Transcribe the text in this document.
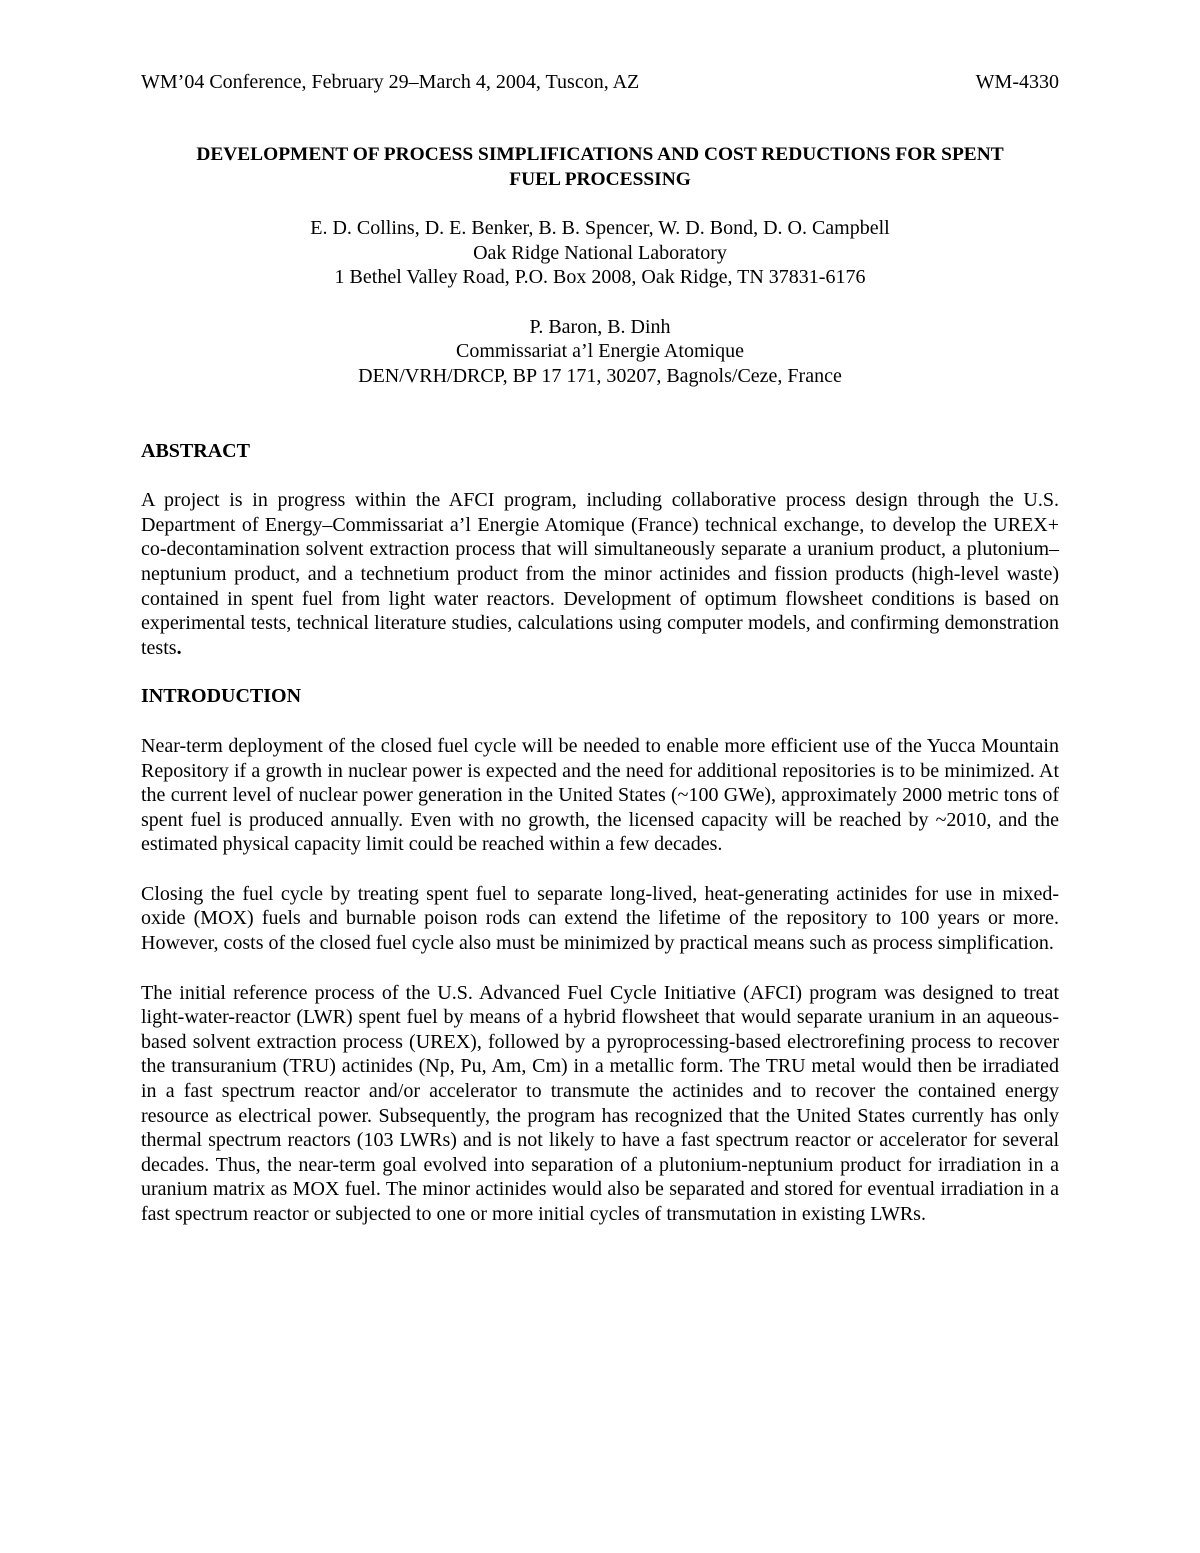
WM’04 Conference, February 29–March 4, 2004, Tuscon, AZ	WM-4330
DEVELOPMENT OF PROCESS SIMPLIFICATIONS AND COST REDUCTIONS FOR SPENT
FUEL PROCESSING
E. D. Collins, D. E. Benker, B. B. Spencer, W. D. Bond, D. O. Campbell
Oak Ridge National Laboratory
1 Bethel Valley Road, P.O. Box 2008, Oak Ridge, TN 37831-6176
P. Baron, B. Dinh
Commissariat a’l Energie Atomique
DEN/VRH/DRCP, BP 17 171, 30207, Bagnols/Ceze, France
ABSTRACT

A project is in progress within the AFCI program, including collaborative process design through the U.S. Department of Energy–Commissariat a’l Energie Atomique (France) technical exchange, to develop the UREX+ co-decontamination solvent extraction process that will simultaneously separate a uranium product, a plutonium–neptunium product, and a technetium product from the minor actinides and fission products (high-level waste) contained in spent fuel from light water reactors. Development of optimum flowsheet conditions is based on experimental tests, technical literature studies, calculations using computer models, and confirming demonstration tests.

INTRODUCTION

Near-term deployment of the closed fuel cycle will be needed to enable more efficient use of the Yucca Mountain Repository if a growth in nuclear power is expected and the need for additional repositories is to be minimized. At the current level of nuclear power generation in the United States (~100 GWe), approximately 2000 metric tons of spent fuel is produced annually. Even with no growth, the licensed capacity will be reached by ~2010, and the estimated physical capacity limit could be reached within a few decades.

Closing the fuel cycle by treating spent fuel to separate long-lived, heat-generating actinides for use in mixed-oxide (MOX) fuels and burnable poison rods can extend the lifetime of the repository to 100 years or more. However, costs of the closed fuel cycle also must be minimized by practical means such as process simplification.

The initial reference process of the U.S. Advanced Fuel Cycle Initiative (AFCI) program was designed to treat light-water-reactor (LWR) spent fuel by means of a hybrid flowsheet that would separate uranium in an aqueous-based solvent extraction process (UREX), followed by a pyroprocessing-based electrorefining process to recover the transuranium (TRU) actinides (Np, Pu, Am, Cm) in a metallic form. The TRU metal would then be irradiated in a fast spectrum reactor and/or accelerator to transmute the actinides and to recover the contained energy resource as electrical power. Subsequently, the program has recognized that the United States currently has only thermal spectrum reactors (103 LWRs) and is not likely to have a fast spectrum reactor or accelerator for several decades. Thus, the near-term goal evolved into separation of a plutonium-neptunium product for irradiation in a uranium matrix as MOX fuel. The minor actinides would also be separated and stored for eventual irradiation in a fast spectrum reactor or subjected to one or more initial cycles of transmutation in existing LWRs.
